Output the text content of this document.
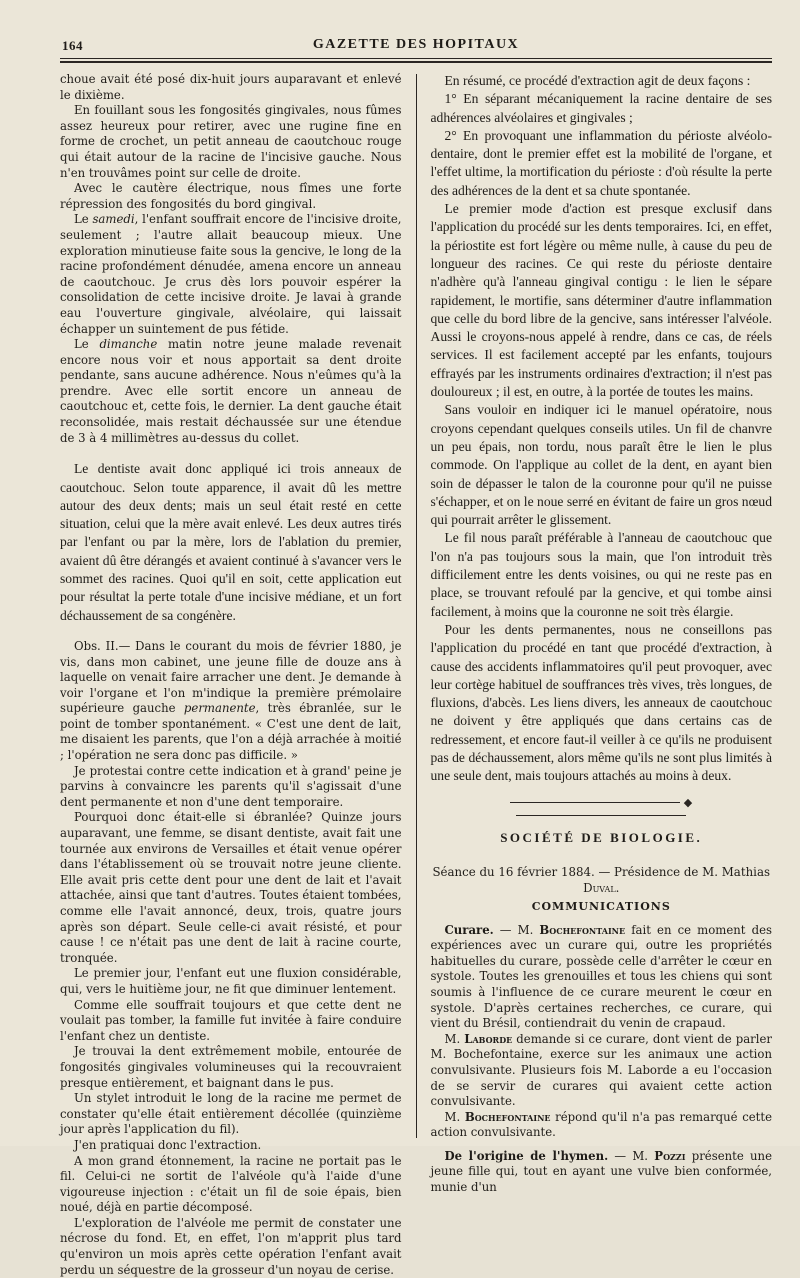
164	GAZETTE DES HOPITAUX

choue avait été posé dix-huit jours auparavant et enlevé le dixième.

En fouillant sous les fongosités gingivales, nous fûmes assez heureux pour retirer, avec une rugine fine en forme de crochet, un petit anneau de caoutchouc rouge qui était autour de la racine de l'incisive gauche. Nous n'en trouvâmes point sur celle de droite.

Avec le cautère électrique, nous fîmes une forte répression des fongosités du bord gingival.

Le samedi, l'enfant souffrait encore de l'incisive droite, seulement ; l'autre allait beaucoup mieux. Une exploration minutieuse faite sous la gencive, le long de la racine profondément dénudée, amena encore un anneau de caoutchouc. Je crus dès lors pouvoir espérer la consolidation de cette incisive droite. Je lavai à grande eau l'ouverture gingivale, alvéolaire, qui laissait échapper un suintement de pus fétide.

Le dimanche matin notre jeune malade revenait encore nous voir et nous apportait sa dent droite pendante, sans aucune adhérence. Nous n'eûmes qu'à la prendre. Avec elle sortit encore un anneau de caoutchouc et, cette fois, le dernier. La dent gauche était reconsolidée, mais restait déchaussée sur une étendue de 3 à 4 millimètres au-dessus du collet.

Le dentiste avait donc appliqué ici trois anneaux de caoutchouc. Selon toute apparence, il avait dû les mettre autour des deux dents; mais un seul était resté en cette situation, celui que la mère avait enlevé. Les deux autres tirés par l'enfant ou par la mère, lors de l'ablation du premier, avaient dû être dérangés et avaient continué à s'avancer vers le sommet des racines. Quoi qu'il en soit, cette application eut pour résultat la perte totale d'une incisive médiane, et un fort déchaussement de sa congénère.

Obs. II.— Dans le courant du mois de février 1880, je vis, dans mon cabinet, une jeune fille de douze ans à laquelle on venait faire arracher une dent. Je demande à voir l'organe et l'on m'indique la première prémolaire supérieure gauche permanente, très ébranlée, sur le point de tomber spontanément. « C'est une dent de lait, me disaient les parents, que l'on a déjà arrachée à moitié ; l'opération ne sera donc pas difficile. »

Je protestai contre cette indication et à grand' peine je parvins à convaincre les parents qu'il s'agissait d'une dent permanente et non d'une dent temporaire.

Pourquoi donc était-elle si ébranlée? Quinze jours auparavant, une femme, se disant dentiste, avait fait une tournée aux environs de Versailles et était venue opérer dans l'établissement où se trouvait notre jeune cliente. Elle avait pris cette dent pour une dent de lait et l'avait attachée, ainsi que tant d'autres. Toutes étaient tombées, comme elle l'avait annoncé, deux, trois, quatre jours après son départ. Seule celle-ci avait résisté, et pour cause ! ce n'était pas une dent de lait à racine courte, tronquée.

Le premier jour, l'enfant eut une fluxion considérable, qui, vers le huitième jour, ne fit que diminuer lentement.

Comme elle souffrait toujours et que cette dent ne voulait pas tomber, la famille fut invitée à faire conduire l'enfant chez un dentiste.

Je trouvai la dent extrêmement mobile, entourée de fongosités gingivales volumineuses qui la recouvraient presque entièrement, et baignant dans le pus.

Un stylet introduit le long de la racine me permet de constater qu'elle était entièrement décollée (quinzième jour après l'application du fil).

J'en pratiquai donc l'extraction.

A mon grand étonnement, la racine ne portait pas le fil. Celui-ci ne sortit de l'alvéole qu'à l'aide d'une vigoureuse injection : c'était un fil de soie épais, bien noué, déjà en partie décomposé.

L'exploration de l'alvéole me permit de constater une nécrose du fond. Et, en effet, l'on m'apprit plus tard qu'environ un mois après cette opération l'enfant avait perdu un séquestre de la grosseur d'un noyau de cerise.

En résumé, ce procédé d'extraction agit de deux façons :

1° En séparant mécaniquement la racine dentaire de ses adhérences alvéolaires et gingivales ;

2° En provoquant une inflammation du périoste alvéolo-dentaire, dont le premier effet est la mobilité de l'organe, et l'effet ultime, la mortification du périoste : d'où résulte la perte des adhérences de la dent et sa chute spontanée.

Le premier mode d'action est presque exclusif dans l'application du procédé sur les dents temporaires. Ici, en effet, la périostite est fort légère ou même nulle, à cause du peu de longueur des racines. Ce qui reste du périoste dentaire n'adhère qu'à l'anneau gingival contigu : le lien le sépare rapidement, le mortifie, sans déterminer d'autre inflammation que celle du bord libre de la gencive, sans intéresser l'alvéole. Aussi le croyons-nous appelé à rendre, dans ce cas, de réels services. Il est facilement accepté par les enfants, toujours effrayés par les instruments ordinaires d'extraction; il n'est pas douloureux ; il est, en outre, à la portée de toutes les mains.

Sans vouloir en indiquer ici le manuel opératoire, nous croyons cependant quelques conseils utiles. Un fil de chanvre un peu épais, non tordu, nous paraît être le lien le plus commode. On l'applique au collet de la dent, en ayant bien soin de dépasser le talon de la couronne pour qu'il ne puisse s'échapper, et on le noue serré en évitant de faire un gros nœud qui pourrait arrêter le glissement.

Le fil nous paraît préférable à l'anneau de caoutchouc que l'on n'a pas toujours sous la main, que l'on introduit très difficilement entre les dents voisines, ou qui ne reste pas en place, se trouvant refoulé par la gencive, et qui tombe ainsi facilement, à moins que la couronne ne soit très élargie.

Pour les dents permanentes, nous ne conseillons pas l'application du procédé en tant que procédé d'extraction, à cause des accidents inflammatoires qu'il peut provoquer, avec leur cortège habituel de souffrances très vives, très longues, de fluxions, d'abcès. Les liens divers, les anneaux de caoutchouc ne doivent y être appliqués que dans certains cas de redressement, et encore faut-il veiller à ce qu'ils ne produisent pas de déchaussement, alors même qu'ils ne sont plus limités à une seule dent, mais toujours attachés au moins à deux.

◆
SOCIÉTÉ DE BIOLOGIE.

Séance du 16 février 1884. — Présidence de M. Mathias Duval.

COMMUNICATIONS

Curare. — M. Bochefontaine fait en ce moment des expériences avec un curare qui, outre les propriétés habituelles du curare, possède celle d'arrêter le cœur en systole. Toutes les grenouilles et tous les chiens qui sont soumis à l'influence de ce curare meurent le cœur en systole. D'après certaines recherches, ce curare, qui vient du Brésil, contiendrait du venin de crapaud.

M. Laborde demande si ce curare, dont vient de parler M. Bochefontaine, exerce sur les animaux une action convulsivante. Plusieurs fois M. Laborde a eu l'occasion de se servir de curares qui avaient cette action convulsivante.

M. Bochefontaine répond qu'il n'a pas remarqué cette action convulsivante.

De l'origine de l'hymen. — M. Pozzi présente une jeune fille qui, tout en ayant une vulve bien conformée, munie d'un
